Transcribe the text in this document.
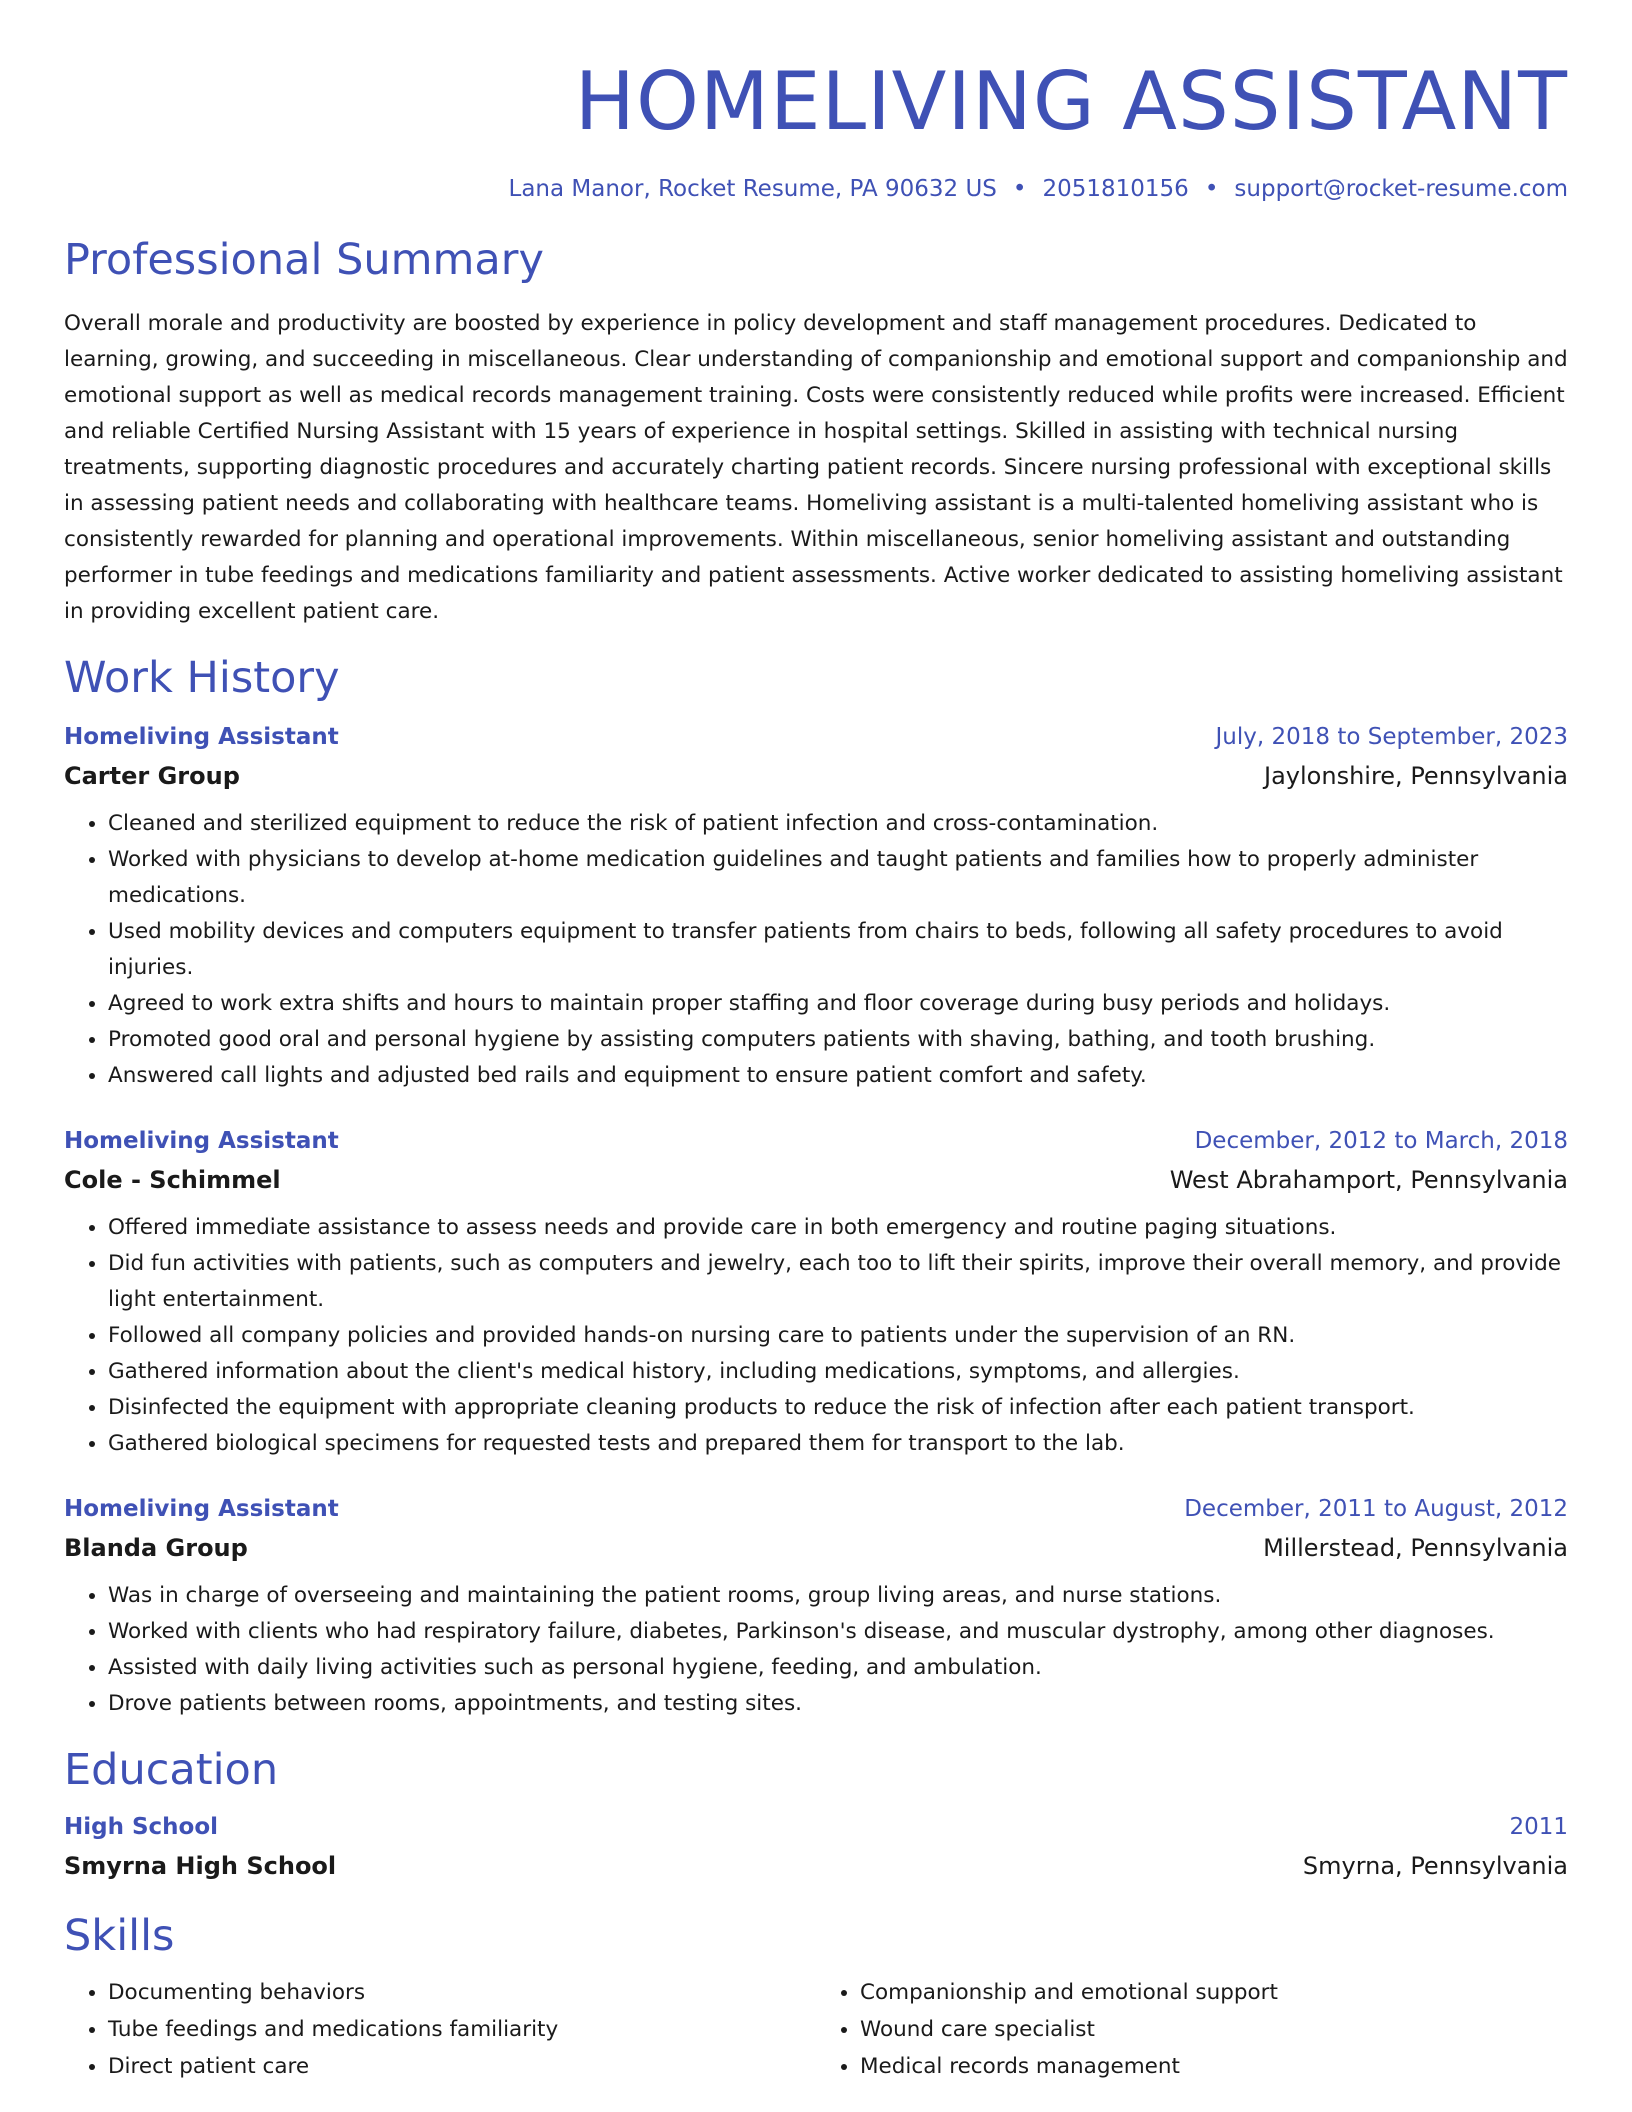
HOMELIVING ASSISTANT
Lana Manor, Rocket Resume, PA 90632 US • 2051810156 • support@rocket-resume.com
Professional Summary
Overall morale and productivity are boosted by experience in policy development and staff management procedures. Dedicated to learning, growing, and succeeding in miscellaneous. Clear understanding of companionship and emotional support and companionship and emotional support as well as medical records management training. Costs were consistently reduced while profits were increased. Efficient and reliable Certified Nursing Assistant with 15 years of experience in hospital settings. Skilled in assisting with technical nursing treatments, supporting diagnostic procedures and accurately charting patient records. Sincere nursing professional with exceptional skills in assessing patient needs and collaborating with healthcare teams. Homeliving assistant is a multi-talented homeliving assistant who is consistently rewarded for planning and operational improvements. Within miscellaneous, senior homeliving assistant and outstanding performer in tube feedings and medications familiarity and patient assessments. Active worker dedicated to assisting homeliving assistant in providing excellent patient care.
Work History
Homeliving Assistant	July, 2018 to September, 2023
Carter Group	Jaylonshire, Pennsylvania
• Cleaned and sterilized equipment to reduce the risk of patient infection and cross-contamination.
• Worked with physicians to develop at-home medication guidelines and taught patients and families how to properly administer medications.
• Used mobility devices and computers equipment to transfer patients from chairs to beds, following all safety procedures to avoid injuries.
• Agreed to work extra shifts and hours to maintain proper staffing and floor coverage during busy periods and holidays.
• Promoted good oral and personal hygiene by assisting computers patients with shaving, bathing, and tooth brushing.
• Answered call lights and adjusted bed rails and equipment to ensure patient comfort and safety.
Homeliving Assistant	December, 2012 to March, 2018
Cole - Schimmel	West Abrahamport, Pennsylvania
• Offered immediate assistance to assess needs and provide care in both emergency and routine paging situations.
• Did fun activities with patients, such as computers and jewelry, each too to lift their spirits, improve their overall memory, and provide light entertainment.
• Followed all company policies and provided hands-on nursing care to patients under the supervision of an RN.
• Gathered information about the client's medical history, including medications, symptoms, and allergies.
• Disinfected the equipment with appropriate cleaning products to reduce the risk of infection after each patient transport.
• Gathered biological specimens for requested tests and prepared them for transport to the lab.
Homeliving Assistant	December, 2011 to August, 2012
Blanda Group	Millerstead, Pennsylvania
• Was in charge of overseeing and maintaining the patient rooms, group living areas, and nurse stations.
• Worked with clients who had respiratory failure, diabetes, Parkinson's disease, and muscular dystrophy, among other diagnoses.
• Assisted with daily living activities such as personal hygiene, feeding, and ambulation.
• Drove patients between rooms, appointments, and testing sites.
Education
High School	2011
Smyrna High School	Smyrna, Pennsylvania
Skills
• Documenting behaviors
• Tube feedings and medications familiarity
• Direct patient care
• Companionship and emotional support
• Wound care specialist
• Medical records management
